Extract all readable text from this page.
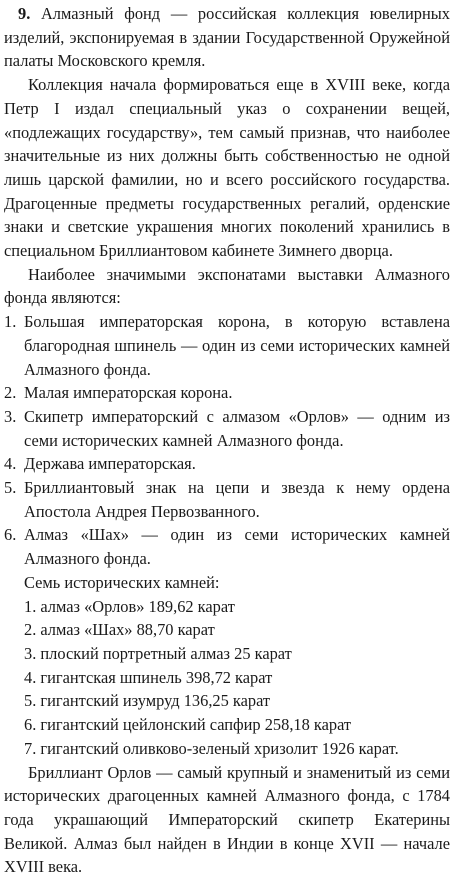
9. Алмазный фонд — российская коллекция ювелирных изделий, экспонируемая в здании Государственной Оружейной палаты Московского кремля.

Коллекция начала формироваться еще в XVIII веке, когда Петр I издал специальный указ о сохранении вещей, «подлежащих государству», тем самый признав, что наиболее значительные из них должны быть собственностью не одной лишь царской фамилии, но и всего российского государства. Драгоценные предметы государственных регалий, орденские знаки и светские украшения многих поколений хранились в специальном Бриллиантовом кабинете Зимнего дворца.

Наиболее значимыми экспонатами выставки Алмазного фонда являются:

1. Большая императорская корона, в которую вставлена благородная шпинель — один из семи исторических камней Алмазного фонда.
2. Малая императорская корона.
3. Скипетр императорский с алмазом «Орлов» — одним из семи исторических камней Алмазного фонда.
4. Держава императорская.
5. Бриллиантовый знак на цепи и звезда к нему ордена Апостола Андрея Первозванного.
6. Алмаз «Шах» — один из семи исторических камней Алмазного фонда.

Семь исторических камней:

1. алмаз «Орлов» 189,62 карат
2. алмаз «Шах» 88,70 карат
3. плоский портретный алмаз 25 карат
4. гигантская шпинель 398,72 карат
5. гигантский изумруд 136,25 карат
6. гигантский цейлонский сапфир 258,18 карат
7. гигантский оливково-зеленый хризолит 1926 карат.

Бриллиант Орлов — самый крупный и знаменитый из семи исторических драгоценных камней Алмазного фонда, с 1784 года украшающий Императорский скипетр Екатерины Великой. Алмаз был найден в Индии в конце XVII — начале XVIII века.
